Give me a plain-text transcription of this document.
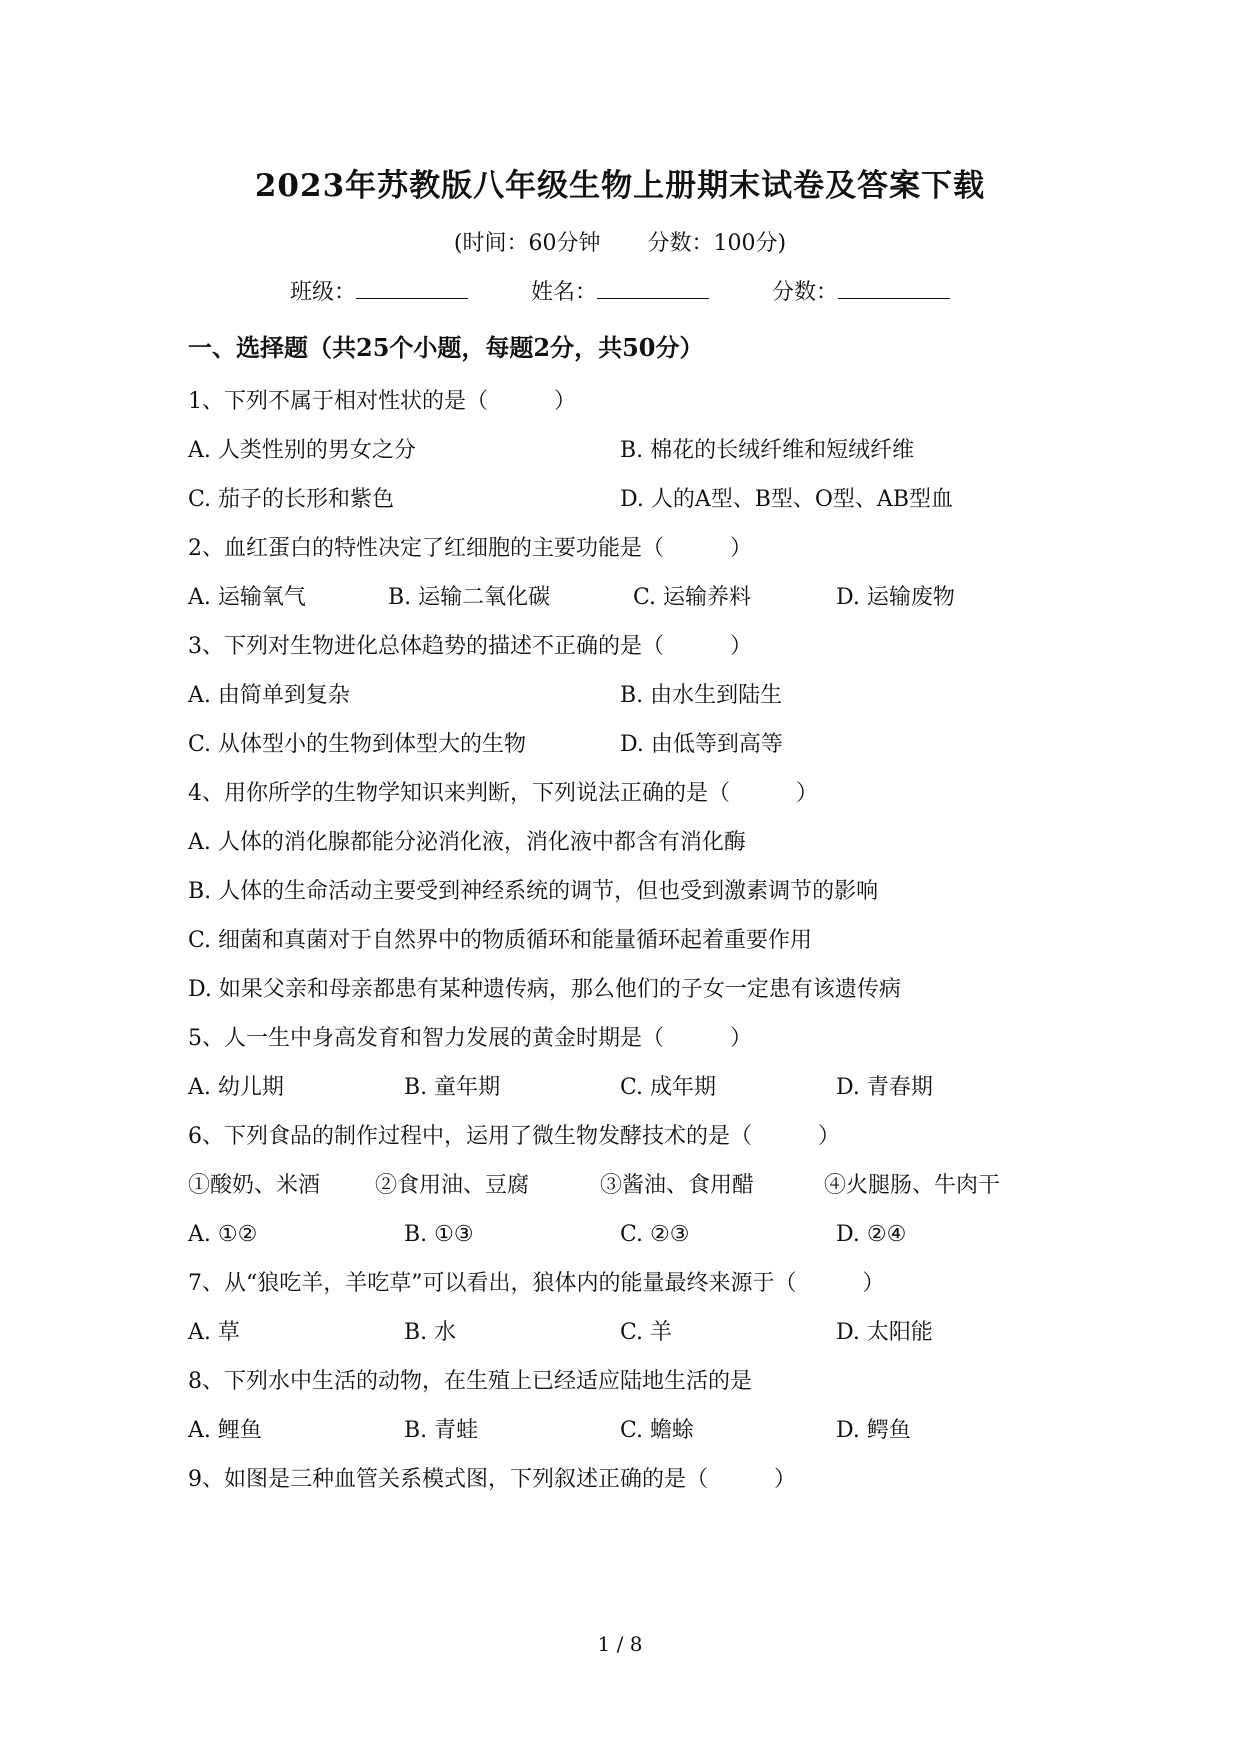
2023年苏教版八年级生物上册期末试卷及答案下载
(时间：60分钟 分数：100分)
班级：	姓名：	分数：
一、选择题（共25个小题，每题2分，共50分）
1、下列不属于相对性状的是（　　　）
A. 人类性别的男女之分	B. 棉花的长绒纤维和短绒纤维
C. 茄子的长形和紫色	D. 人的A型、B型、O型、AB型血
2、血红蛋白的特性决定了红细胞的主要功能是（　　　）
A. 运输氧气	B. 运输二氧化碳	C. 运输养料	D. 运输废物
3、下列对生物进化总体趋势的描述不正确的是（　　　）
A. 由简单到复杂	B. 由水生到陆生
C. 从体型小的生物到体型大的生物	D. 由低等到高等
4、用你所学的生物学知识来判断，下列说法正确的是（　　　）
A. 人体的消化腺都能分泌消化液，消化液中都含有消化酶
B. 人体的生命活动主要受到神经系统的调节，但也受到激素调节的影响
C. 细菌和真菌对于自然界中的物质循环和能量循环起着重要作用
D. 如果父亲和母亲都患有某种遗传病，那么他们的子女一定患有该遗传病
5、人一生中身高发育和智力发展的黄金时期是（　　　）
A. 幼儿期	B. 童年期	C. 成年期	D. 青春期
6、下列食品的制作过程中，运用了微生物发酵技术的是（　　　）
①酸奶、米酒 ②食用油、豆腐	③酱油、食用醋	④火腿肠、牛肉干
A. ①②	B. ①③	C. ②③	D. ②④
7、从“狼吃羊，羊吃草”可以看出，狼体内的能量最终来源于（　　　）
A. 草	B. 水	C. 羊	D. 太阳能
8、下列水中生活的动物，在生殖上已经适应陆地生活的是
A. 鲤鱼	B. 青蛙	C. 蟾蜍	D. 鳄鱼
9、如图是三种血管关系模式图，下列叙述正确的是（　　　）
1 / 8
